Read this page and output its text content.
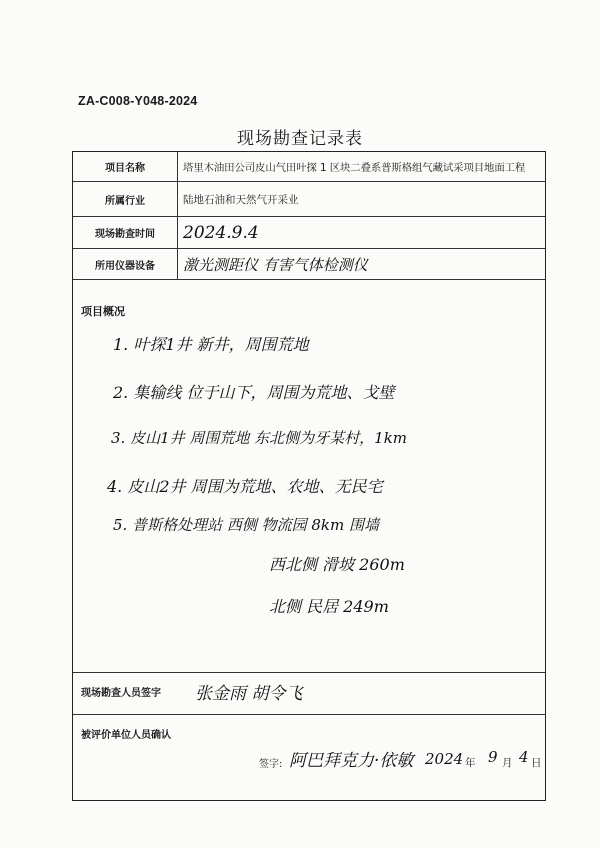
ZA-C008-Y048-2024
现场勘查记录表
项目名称	塔里木油田公司皮山气田叶探 1 区块二叠系普斯格组气藏试采项目地面工程
所属行业	陆地石油和天然气开采业
现场勘查时间	2024.9.4
所用仪器设备	激光测距仪 有害气体检测仪
项目概况
1. 叶探1井 新井，周围荒地
2. 集输线 位于山下，周围为荒地、戈壁
3. 皮山1井 周围荒地 东北侧为牙某村，1km
4. 皮山2井 周围为荒地、农地、无民宅
5. 普斯格处理站 西侧 物流园 8km 围墙
西北侧 滑坡 260m
北侧 民居 249m
现场勘查人员签字 张金雨 胡令飞
被评价单位人员确认
签字: 阿巴拜克力·依敏 2024 年 9 月 4 日
